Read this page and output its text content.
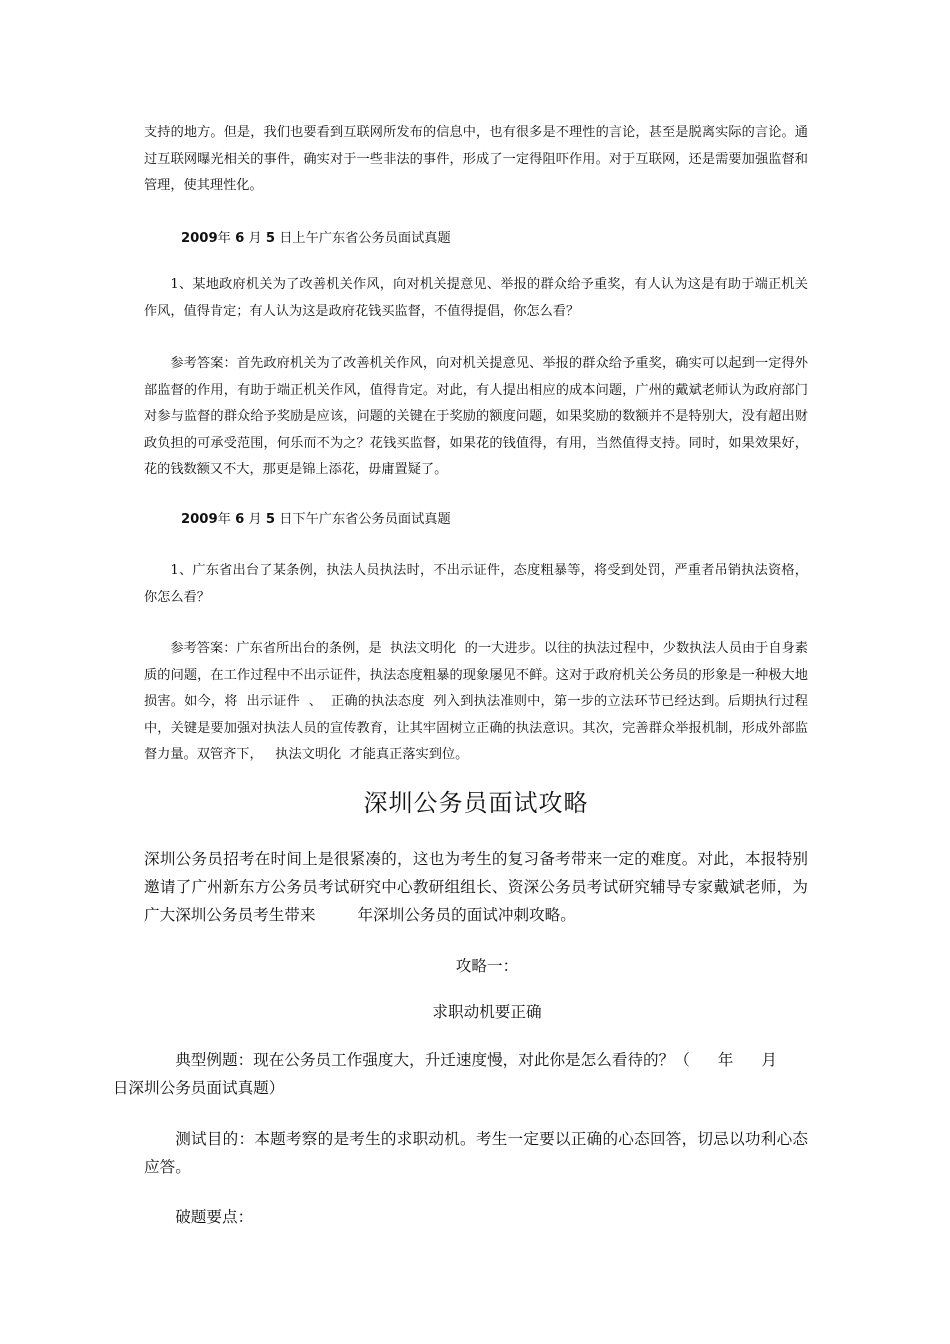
支持的地方。但是，我们也要看到互联网所发布的信息中，也有很多是不理性的言论，甚至是脱离实际的言论。通过互联网曝光相关的事件，确实对于一些非法的事件，形成了一定得阻吓作用。对于互联网，还是需要加强监督和管理，使其理性化。

2009年 6 月 5 日上午广东省公务员面试真题

1、某地政府机关为了改善机关作风，向对机关提意见、举报的群众给予重奖，有人认为这是有助于端正机关作风，值得肯定；有人认为这是政府花钱买监督，不值得提倡，你怎么看？

参考答案：首先政府机关为了改善机关作风，向对机关提意见、举报的群众给予重奖，确实可以起到一定得外部监督的作用，有助于端正机关作风，值得肯定。对此，有人提出相应的成本问题，广州的戴斌老师认为政府部门对参与监督的群众给予奖励是应该，问题的关键在于奖励的额度问题，如果奖励的数额并不是特别大，没有超出财政负担的可承受范围，何乐而不为之？花钱买监督，如果花的钱值得，有用，当然值得支持。同时，如果效果好，花的钱数额又不大，那更是锦上添花，毋庸置疑了。

2009年 6 月 5 日下午广东省公务员面试真题

1、广东省出台了某条例，执法人员执法时，不出示证件，态度粗暴等，将受到处罚，严重者吊销执法资格，你怎么看？

参考答案：广东省所出台的条例，是  执法文明化  的一大进步。以往的执法过程中，少数执法人员由于自身素质的问题，在工作过程中不出示证件，执法态度粗暴的现象屡见不鲜。这对于政府机关公务员的形象是一种极大地损害。如今，将  出示证件  、  正确的执法态度  列入到执法准则中，第一步的立法环节已经达到。后期执行过程中，关键是要加强对执法人员的宣传教育，让其牢固树立正确的执法意识。其次，完善群众举报机制，形成外部监督力量。双管齐下，   执法文明化  才能真正落实到位。

深圳公务员面试攻略

深圳公务员招考在时间上是很紧凑的，这也为考生的复习备考带来一定的难度。对此，本报特别邀请了广州新东方公务员考试研究中心教研组组长、资深公务员考试研究辅导专家戴斌老师，为广大深圳公务员考生带来	年深圳公务员的面试冲刺攻略。

攻略一：
求职动机要正确

典型例题：现在公务员工作强度大，升迁速度慢，对此你是怎么看待的？（ 年 月
日深圳公务员面试真题）

测试目的：本题考察的是考生的求职动机。考生一定要以正确的心态回答，切忌以功利心态应答。

破题要点：
